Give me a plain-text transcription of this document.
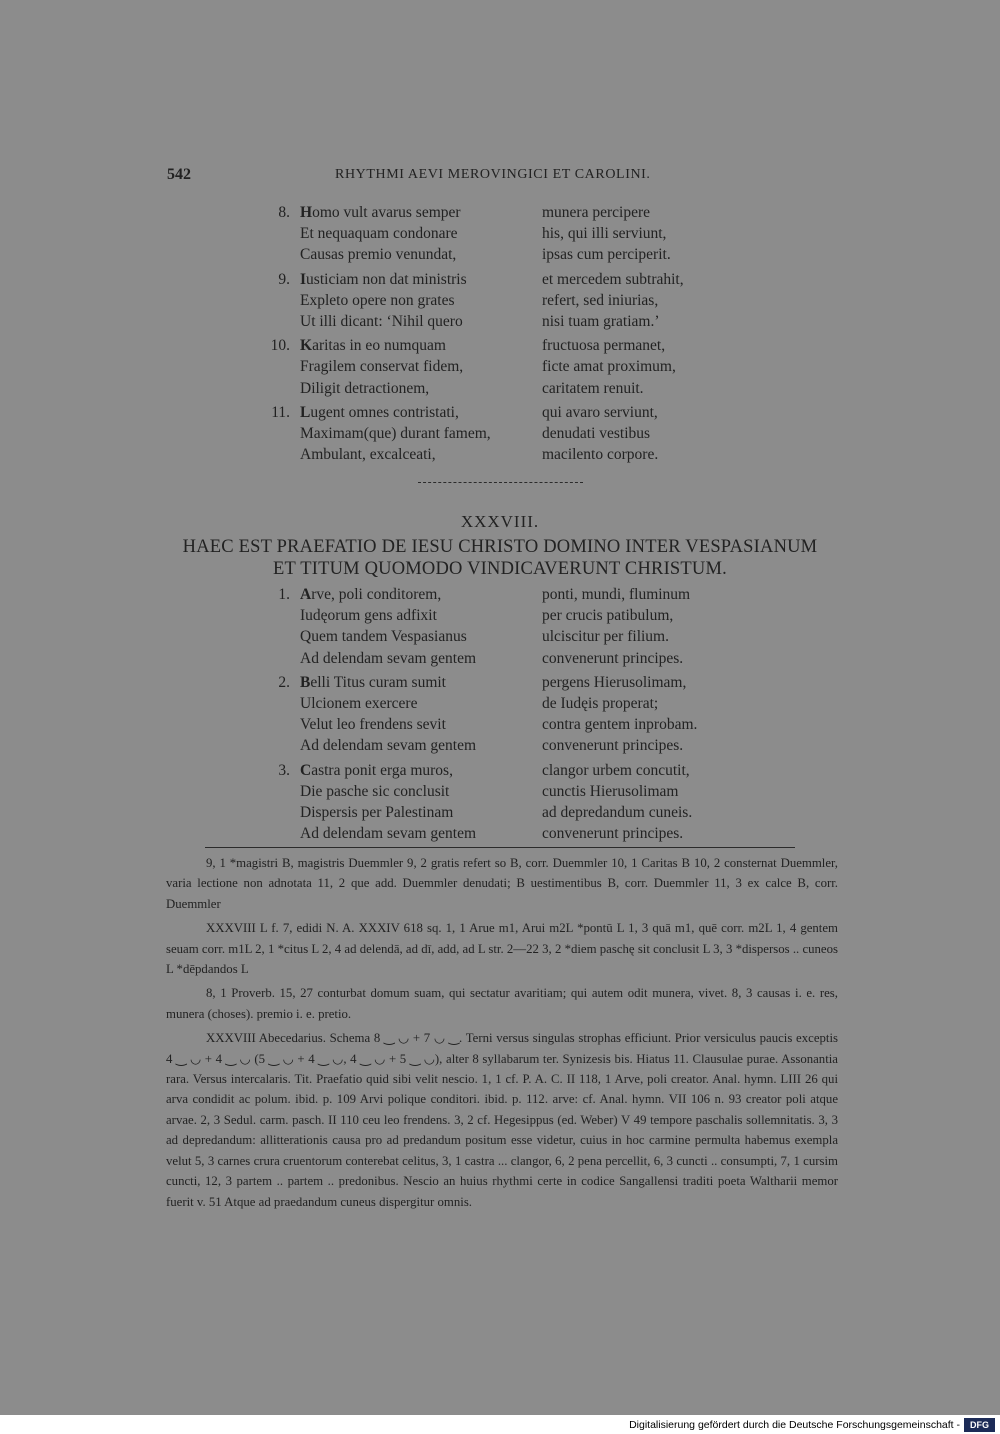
542	RHYTHMI AEVI MEROVINGICI ET CAROLINI.
8. Homo vult avarus semper	munera percipere
Et nequaquam condonare	his, qui illi serviunt,
Causas premio venundat,	ipsas cum perciperit.
9. Iusticiam non dat ministris	et mercedem subtrahit,
Expleto opere non grates	refert, sed iniurias,
Ut illi dicant: ‘Nihil quero	nisi tuam gratiam.’
10. Karitas in eo numquam	fructuosa permanet,
Fragilem conservat fidem,	ficte amat proximum,
Diligit detractionem,	caritatem renuit.
11. Lugent omnes contristati,	qui avaro serviunt,
Maximam(que) durant famem,	denudati vestibus
Ambulant, excalceati,	macilento corpore.
XXXVIII.
HAEC EST PRAEFATIO DE IESU CHRISTO DOMINO INTER VESPASIANUM
ET TITUM QUOMODO VINDICAVERUNT CHRISTUM.
1. Arve, poli conditorem,	ponti, mundi, fluminum
Iudęorum gens adfixit	per crucis patibulum,
Quem tandem Vespasianus	ulciscitur per filium.
Ad delendam sevam gentem	convenerunt principes.
2. Belli Titus curam sumit	pergens Hierusolimam,
Ulcionem exercere	de Iudęis properat;
Velut leo frendens sevit	contra gentem inprobam.
Ad delendam sevam gentem	convenerunt principes.
3. Castra ponit erga muros,	clangor urbem concutit,
Die pasche sic conclusit	cunctis Hierusolimam
Dispersis per Palestinam	ad depredandum cuneis.
Ad delendam sevam gentem	convenerunt principes.

9, 1 *magistri B, magistris Duemmler 9, 2 gratis refert so B, corr. Duemmler 10, 1 Caritas B 10, 2 consternat Duemmler, varia lectione non adnotata 11, 2 que add. Duemmler denudati; B uestimentibus B, corr. Duemmler 11, 3 ex calce B, corr. Duemmler

XXXVIII L f. 7, edidi N. A. XXXIV 618 sq. 1, 1 Arue m1, Arui m2L *pontū L 1, 3 quā m1, quē corr. m2L 1, 4 gentem seuam corr. m1L 2, 1 *citus L 2, 4 ad delendā, ad dī, add, ad L str. 2—22 3, 2 *diem paschę sit conclusit L 3, 3 *dispersos .. cuneos L *dēpdandos L

8, 1 Proverb. 15, 27 conturbat domum suam, qui sectatur avaritiam; qui autem odit munera, vivet. 8, 3 causas i. e. res, munera (choses). premio i. e. pretio.

XXXVIII Abecedarius. Schema 8 ‿ ◡ + 7 ◡ ‿. Terni versus singulas strophas efficiunt. Prior versiculus paucis exceptis 4 ‿ ◡ + 4 ‿ ◡ (5 ‿ ◡ + 4 ‿ ◡, 4 ‿ ◡ + 5 ‿ ◡), alter 8 syllabarum ter. Synizesis bis. Hiatus 11. Clausulae purae. Assonantia rara. Versus intercalaris. Tit. Praefatio quid sibi velit nescio. 1, 1 cf. P. A. C. II 118, 1 Arve, poli creator. Anal. hymn. LIII 26 qui arva condidit ac polum. ibid. p. 109 Arvi polique conditori. ibid. p. 112. arve: cf. Anal. hymn. VII 106 n. 93 creator poli atque arvae. 2, 3 Sedul. carm. pasch. II 110 ceu leo frendens. 3, 2 cf. Hegesippus (ed. Weber) V 49 tempore paschalis sollemnitatis. 3, 3 ad depredandum: allitterationis causa pro ad predandum positum esse videtur, cuius in hoc carmine permulta habemus exempla velut 5, 3 carnes crura cruentorum conterebat celitus, 3, 1 castra ... clangor, 6, 2 pena percellit, 6, 3 cuncti .. consumpti, 7, 1 cursim cuncti, 12, 3 partem .. partem .. predonibus. Nescio an huius rhythmi certe in codice Sangallensi traditi poeta Waltharii memor fuerit v. 51 Atque ad praedandum cuneus dispergitur omnis.

Digitalisierung gefördert durch die Deutsche Forschungsgemeinschaft -	DFG
